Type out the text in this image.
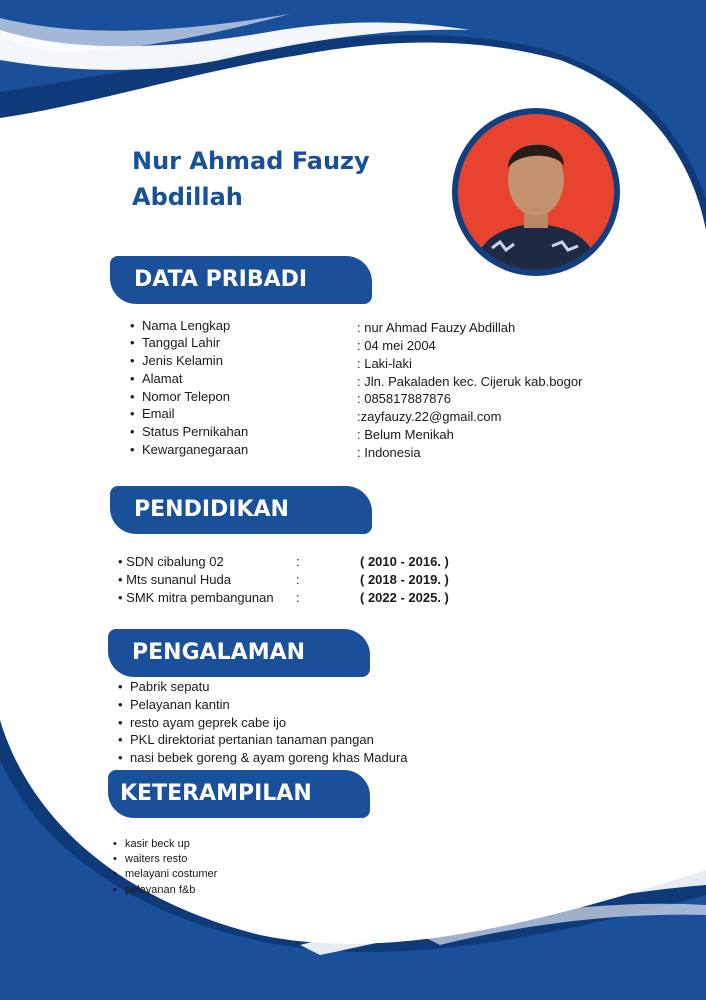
Nur Ahmad Fauzy
Abdillah
DATA PRIBADI
• Nama Lengkap	: nur Ahmad Fauzy Abdillah
• Tanggal Lahir	: 04 mei 2004
• Jenis Kelamin	: Laki-laki
• Alamat	: Jln. Pakaladen kec. Cijeruk kab.bogor
• Nomor Telepon	: 085817887876
• Email	:zayfauzy.22@gmail.com
• Status Pernikahan	: Belum Menikah
• Kewarganegaraan	: Indonesia
PENDIDIKAN
• SDN cibalung 02	:	( 2010 - 2016. )
• Mts sunanul Huda	:	( 2018 - 2019. )
• SMK mitra pembangunan :	( 2022 - 2025. )
PENGALAMAN
• Pabrik sepatu
• Pelayanan kantin
• resto ayam geprek cabe ijo
• PKL direktoriat pertanian tanaman pangan
• nasi bebek goreng & ayam goreng khas Madura
KETERAMPILAN
• kasir beck up
• waiters resto
• melayani costumer
• pelayanan f&b
